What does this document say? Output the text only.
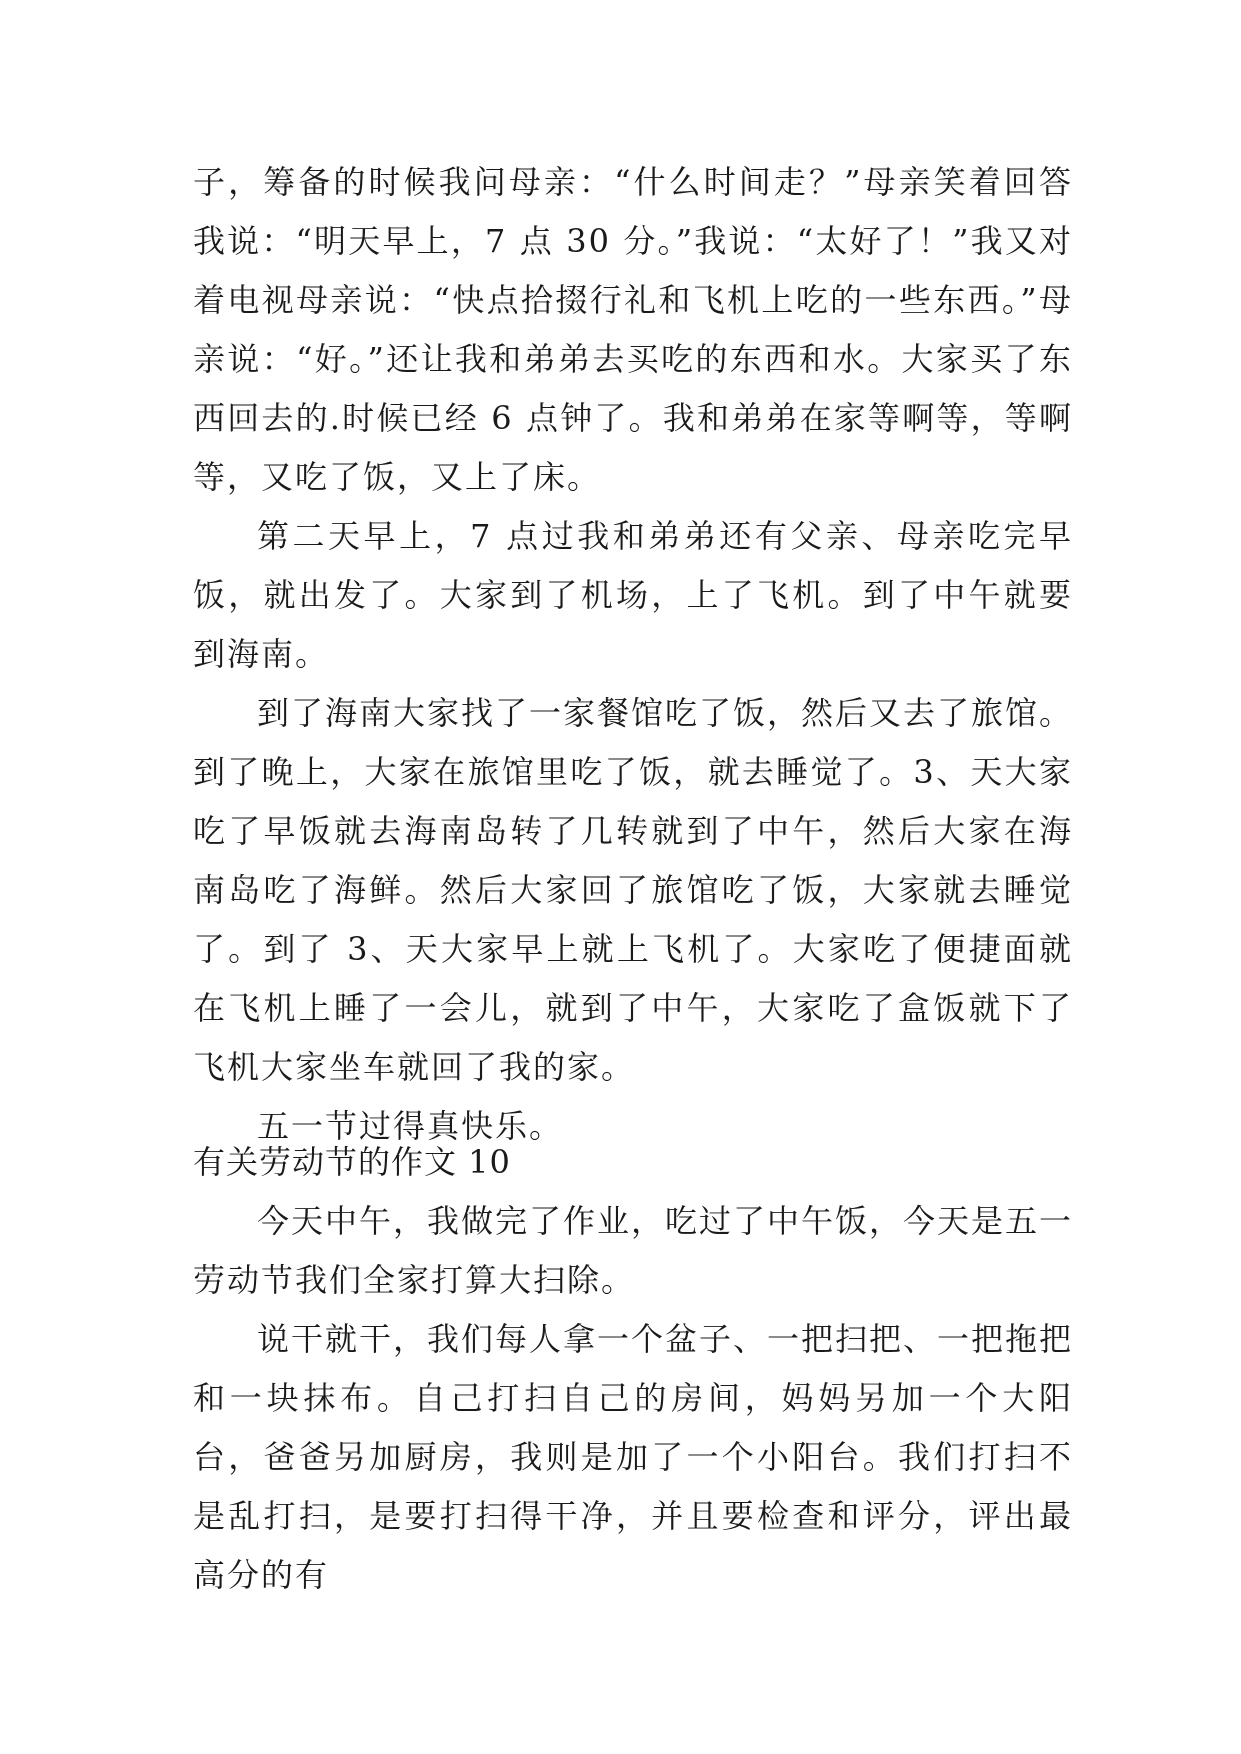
子，筹备的时候我问母亲：“什么时间走？”母亲笑着回答我说：“明天早上，7 点 30 分。”我说：“太好了！”我又对着电视母亲说：“快点拾掇行礼和飞机上吃的一些东西。”母亲说：“好。”还让我和弟弟去买吃的东西和水。大家买了东西回去的.时候已经 6 点钟了。我和弟弟在家等啊等，等啊等，又吃了饭，又上了床。

第二天早上，7 点过我和弟弟还有父亲、母亲吃完早饭，就出发了。大家到了机场，上了飞机。到了中午就要到海南。

到了海南大家找了一家餐馆吃了饭，然后又去了旅馆。到了晚上，大家在旅馆里吃了饭，就去睡觉了。3、天大家吃了早饭就去海南岛转了几转就到了中午，然后大家在海南岛吃了海鲜。然后大家回了旅馆吃了饭，大家就去睡觉了。到了 3、天大家早上就上飞机了。大家吃了便捷面就在飞机上睡了一会儿，就到了中午，大家吃了盒饭就下了飞机大家坐车就回了我的家。

五一节过得真快乐。

有关劳动节的作文 10

今天中午，我做完了作业，吃过了中午饭，今天是五一劳动节我们全家打算大扫除。

说干就干，我们每人拿一个盆子、一把扫把、一把拖把和一块抹布。自己打扫自己的房间，妈妈另加一个大阳台，爸爸另加厨房，我则是加了一个小阳台。我们打扫不是乱打扫，是要打扫得干净，并且要检查和评分，评出最高分的有
